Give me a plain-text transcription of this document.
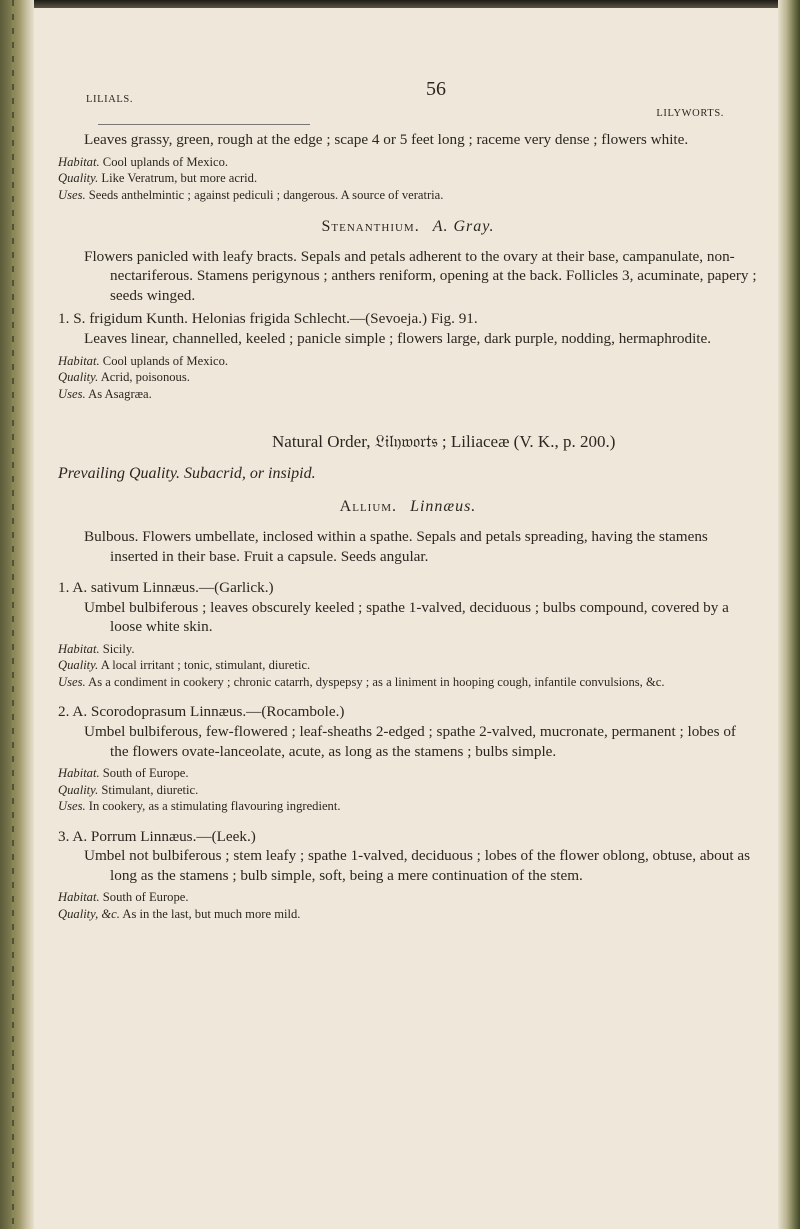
LILIALS.	56
LILYWORTS.

Leaves grassy, green, rough at the edge ; scape 4 or 5 feet long ; raceme very dense ; flowers white.

Habitat. Cool uplands of Mexico.
Quality. Like Veratrum, but more acrid.
Uses. Seeds anthelmintic ; against pediculi ; dangerous. A source of veratria.
Stenanthium. A. Gray.

Flowers panicled with leafy bracts. Sepals and petals adherent to the ovary at their base, campanulate, non-nectariferous. Stamens perigynous ; anthers reniform, opening at the back. Follicles 3, acuminate, papery ; seeds winged.

1. S. frigidum Kunth. Helonias frigida Schlecht.—(Sevoeja.) Fig. 91.

Leaves linear, channelled, keeled ; panicle simple ; flowers large, dark purple, nodding, hermaphrodite.

Habitat. Cool uplands of Mexico.
Quality. Acrid, poisonous.
Uses. As Asagræa.
Natural Order, 𝔏𝔦𝔩𝔶𝔴𝔬𝔯𝔱𝔰 ; Liliaceæ (V. K., p. 200.)
Prevailing Quality. Subacrid, or insipid.
Allium. Linnæus.

Bulbous. Flowers umbellate, inclosed within a spathe. Sepals and petals spreading, having the stamens inserted in their base. Fruit a capsule. Seeds angular.

1. A. sativum Linnæus.—(Garlick.)

Umbel bulbiferous ; leaves obscurely keeled ; spathe 1-valved, deciduous ; bulbs compound, covered by a loose white skin.

Habitat. Sicily.
Quality. A local irritant ; tonic, stimulant, diuretic.
Uses. As a condiment in cookery ; chronic catarrh, dyspepsy ; as a liniment in hooping cough, infantile convulsions, &c.

2. A. Scorodoprasum Linnæus.—(Rocambole.)

Umbel bulbiferous, few-flowered ; leaf-sheaths 2-edged ; spathe 2-valved, mucronate, permanent ; lobes of the flowers ovate-lanceolate, acute, as long as the stamens ; bulbs simple.

Habitat. South of Europe.
Quality. Stimulant, diuretic.
Uses. In cookery, as a stimulating flavouring ingredient.

3. A. Porrum Linnæus.—(Leek.)

Umbel not bulbiferous ; stem leafy ; spathe 1-valved, deciduous ; lobes of the flower oblong, obtuse, about as long as the stamens ; bulb simple, soft, being a mere continuation of the stem.

Habitat. South of Europe.
Quality, &c. As in the last, but much more mild.
